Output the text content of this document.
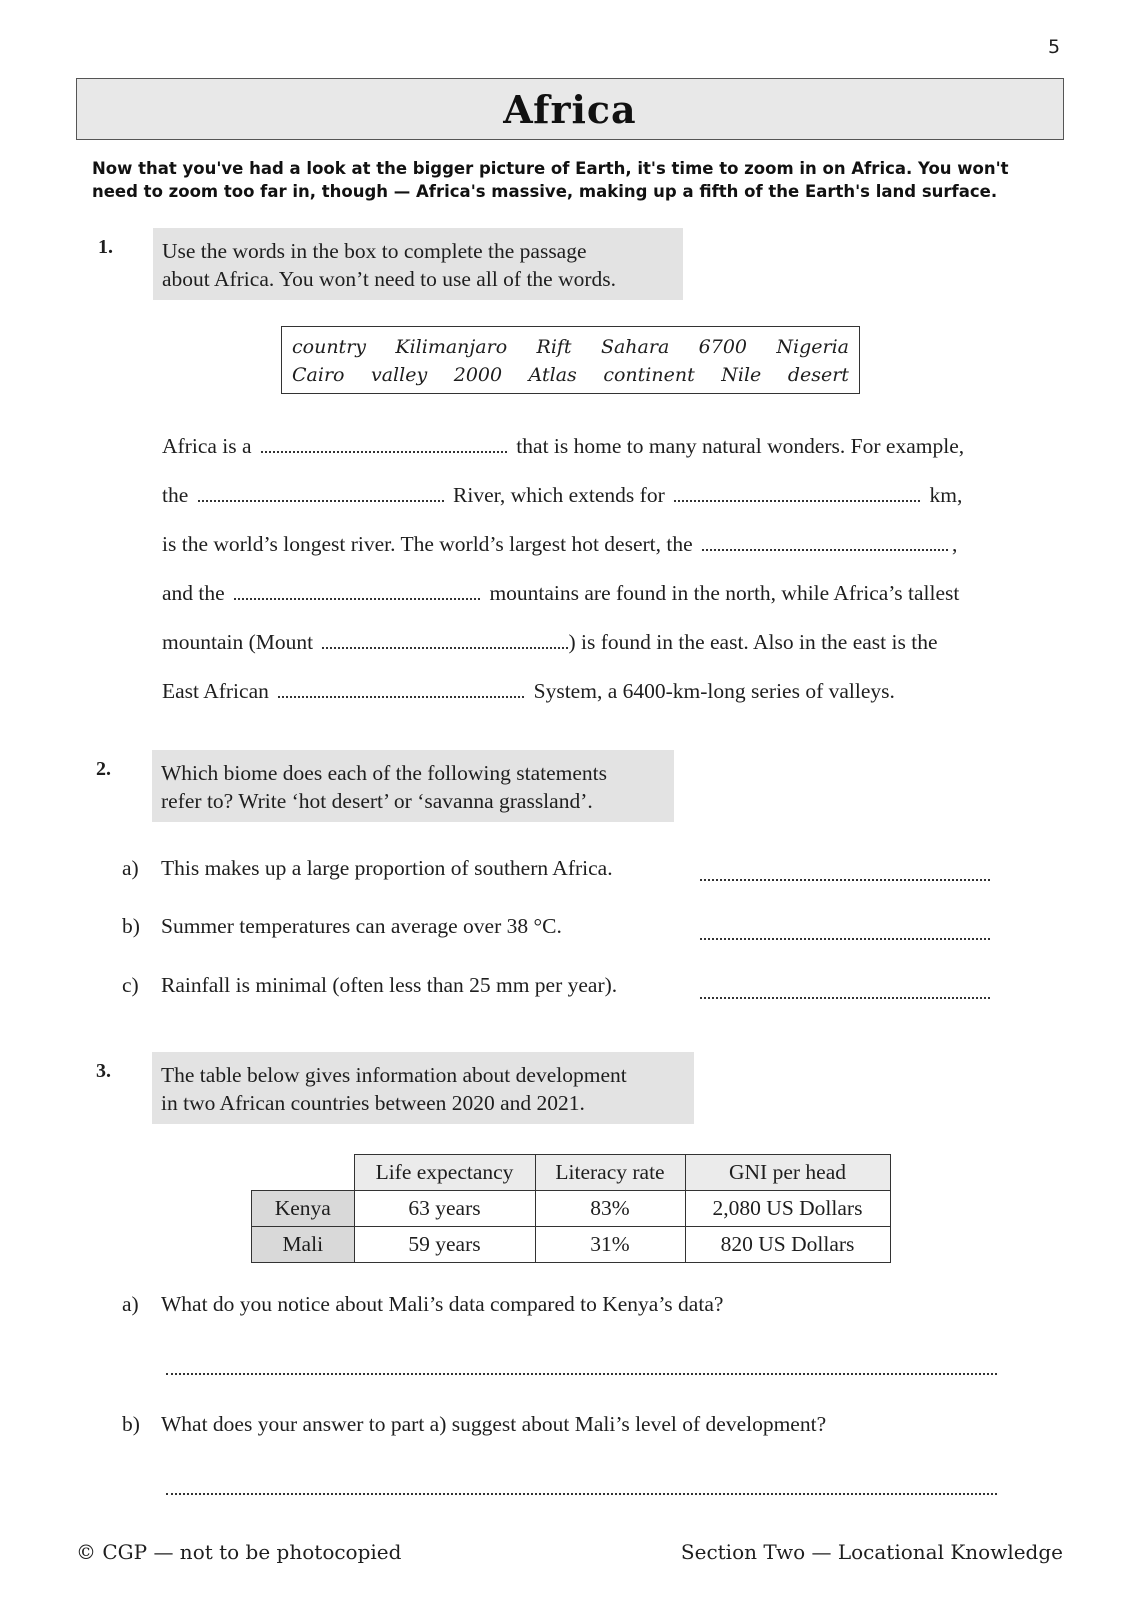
5
Africa
Now that you've had a look at the bigger picture of Earth, it's time to zoom in on Africa. You won't need to zoom too far in, though — Africa's massive, making up a fifth of the Earth's land surface.
1. Use the words in the box to complete the passage
about Africa. You won’t need to use all of the words.
country Kilimanjaro Rift Sahara 6700 Nigeria
Cairo valley 2000 Atlas continent Nile desert
Africa is a	that is home to many natural wonders. For example,
the	River, which extends for	km,
is the world’s longest river. The world’s largest hot desert, the	,
and the	mountains are found in the north, while Africa’s tallest
mountain (Mount	) is found in the east. Also in the east is the
East African	System, a 6400-km-long series of valleys.
2. Which biome does each of the following statements
refer to? Write ‘hot desert’ or ‘savanna grassland’.
a) This makes up a large proportion of southern Africa.
b) Summer temperatures can average over 38 °C.
c) Rainfall is minimal (often less than 25 mm per year).
3. The table below gives information about development
in two African countries between 2020 and 2021.
	Life expectancy	Literacy rate	GNI per head
Kenya	63 years	83%	2,080 US Dollars
Mali	59 years	31%	820 US Dollars
a) What do you notice about Mali’s data compared to Kenya’s data?
b) What does your answer to part a) suggest about Mali’s level of development?
© CGP — not to be photocopied	Section Two — Locational Knowledge
